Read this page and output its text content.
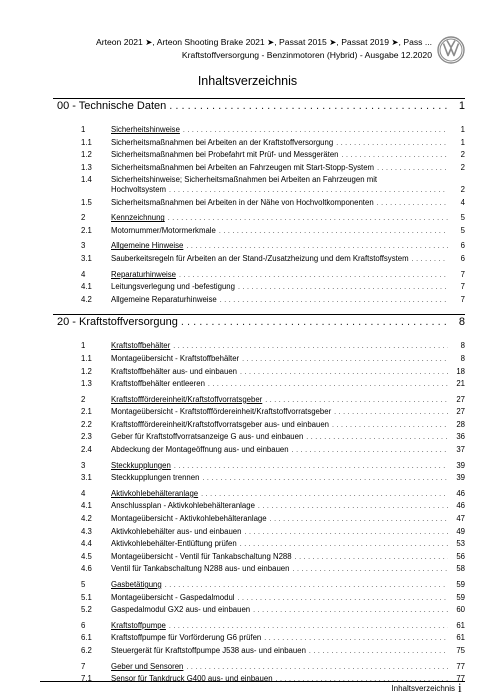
Arteon 2021 ➤, Arteon Shooting Brake 2021 ➤, Passat 2015 ➤, Passat 2019 ➤, Pass ...
Kraftstoffversorgung - Benzinmotoren (Hybrid) - Ausgabe 12.2020
Inhaltsverzeichnis
00 - Technische Daten . . .	1
1	Sicherheitshinweise . . .	1
1.1	Sicherheitsmaßnahmen bei Arbeiten an der Kraftstoffversorgung . . .	1
1.2	Sicherheitsmaßnahmen bei Probefahrt mit Prüf- und Messgeräten . . .	2
1.3	Sicherheitsmaßnahmen bei Arbeiten an Fahrzeugen mit Start-Stopp-System . . .	2
1.4	Sicherheitshinweise; Sicherheitsmaßnahmen bei Arbeiten an Fahrzeugen mit
Hochvoltsystem . . .	2
1.5	Sicherheitsmaßnahmen bei Arbeiten in der Nähe von Hochvoltkomponenten . . .	4
2	Kennzeichnung . . .	5
2.1	Motornummer/Motormerkmale . . .	5
3	Allgemeine Hinweise . . .	6
3.1	Sauberkeitsregeln für Arbeiten an der Stand-/Zusatzheizung und dem Kraftstoffsystem . . .	6
4	Reparaturhinweise . . .	7
4.1	Leitungsverlegung und -befestigung . . .	7
4.2	Allgemeine Reparaturhinweise . . .	7
20 - Kraftstoffversorgung . . .	8
1	Kraftstoffbehälter . . .	8
1.1	Montageübersicht - Kraftstoffbehälter . . .	8
1.2	Kraftstoffbehälter aus- und einbauen . . .	18
1.3	Kraftstoffbehälter entleeren . . .	21
2	Kraftstofffördereinheit/Kraftstoffvorratsgeber . . .	27
2.1	Montageübersicht - Kraftstofffördereinheit/Kraftstoffvorratsgeber . . .	27
2.2	Kraftstofffördereinheit/Kraftstoffvorratsgeber aus- und einbauen . . .	28
2.3	Geber für Kraftstoffvorratsanzeige G aus- und einbauen . . .	36
2.4	Abdeckung der Montageöffnung aus- und einbauen . . .	37
3	Steckkupplungen . . .	39
3.1	Steckkupplungen trennen . . .	39
4	Aktivkohlebehälteranlage . . .	46
4.1	Anschlussplan - Aktivkohlebehälteranlage . . .	46
4.2	Montageübersicht - Aktivkohlebehälteranlage . . .	47
4.3	Aktivkohlebehälter aus- und einbauen . . .	49
4.4	Aktivkohlebehälter-Entlüftung prüfen . . .	53
4.5	Montageübersicht - Ventil für Tankabschaltung N288 . . .	56
4.6	Ventil für Tankabschaltung N288 aus- und einbauen . . .	58
5	Gasbetätigung . . .	59
5.1	Montageübersicht - Gaspedalmodul . . .	59
5.2	Gaspedalmodul GX2 aus- und einbauen . . .	60
6	Kraftstoffpumpe . . .	61
6.1	Kraftstoffpumpe für Vorförderung G6 prüfen . . .	61
6.2	Steuergerät für Kraftstoffpumpe J538 aus- und einbauen . . .	75
7	Geber und Sensoren . . .	77
7.1	Sensor für Tankdruck G400 aus- und einbauen . . .	77
Inhaltsverzeichnis i
